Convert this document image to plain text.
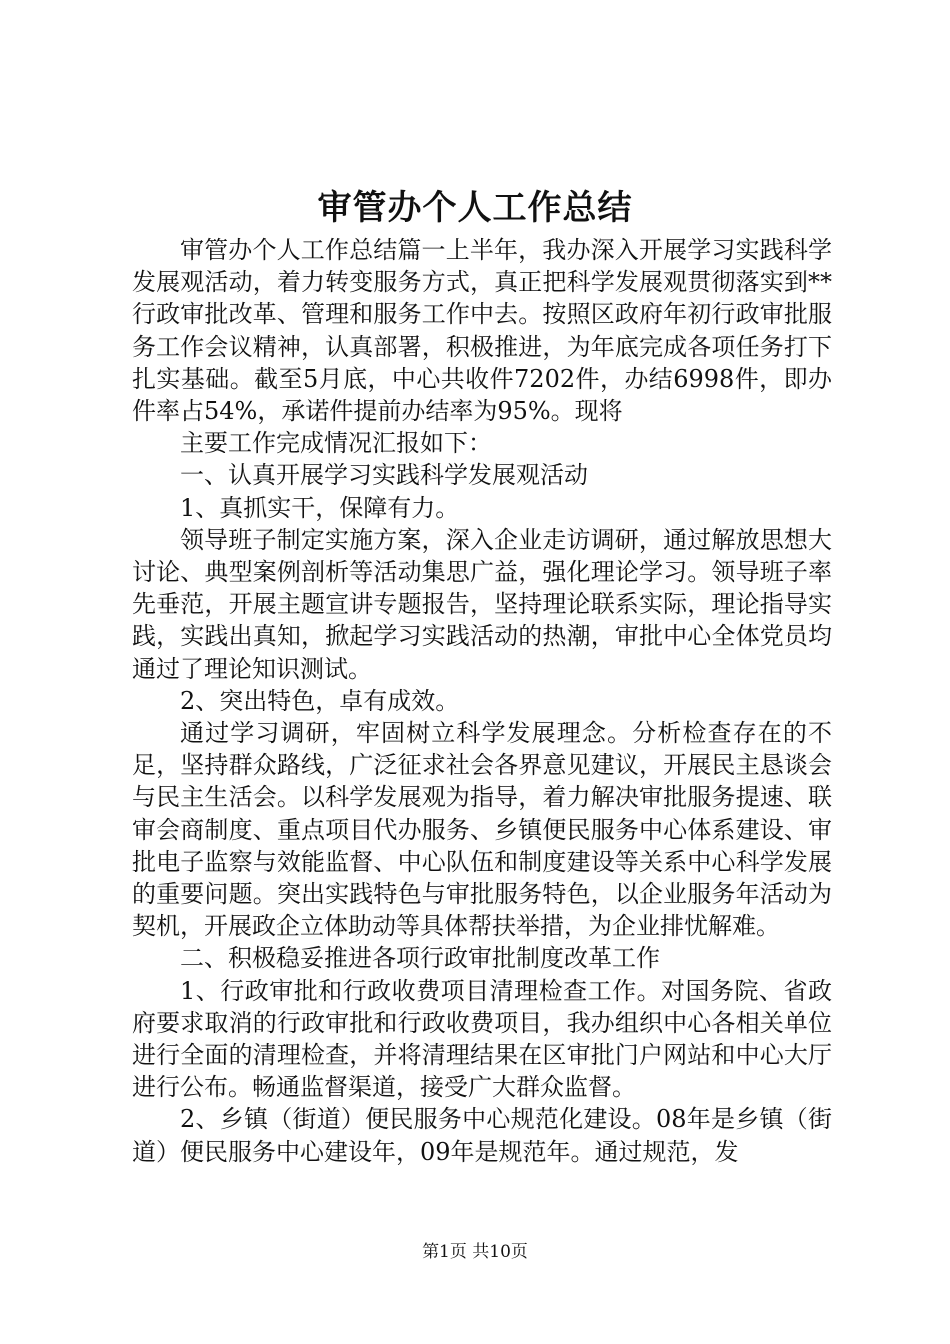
审管办个人工作总结

审管办个人工作总结篇一上半年，我办深入开展学习实践科学发展观活动，着力转变服务方式，真正把科学发展观贯彻落实到**行政审批改革、管理和服务工作中去。按照区政府年初行政审批服务工作会议精神，认真部署，积极推进，为年底完成各项任务打下扎实基础。截至5月底，中心共收件7202件，办结6998件，即办件率占54%，承诺件提前办结率为95%。现将

主要工作完成情况汇报如下：

一、认真开展学习实践科学发展观活动

1、真抓实干，保障有力。

领导班子制定实施方案，深入企业走访调研，通过解放思想大讨论、典型案例剖析等活动集思广益，强化理论学习。领导班子率先垂范，开展主题宣讲专题报告，坚持理论联系实际，理论指导实践，实践出真知，掀起学习实践活动的热潮，审批中心全体党员均通过了理论知识测试。

2、突出特色，卓有成效。

通过学习调研，牢固树立科学发展理念。分析检查存在的不足，坚持群众路线，广泛征求社会各界意见建议，开展民主恳谈会与民主生活会。以科学发展观为指导，着力解决审批服务提速、联审会商制度、重点项目代办服务、乡镇便民服务中心体系建设、审批电子监察与效能监督、中心队伍和制度建设等关系中心科学发展的重要问题。突出实践特色与审批服务特色，以企业服务年活动为契机，开展政企立体助动等具体帮扶举措，为企业排忧解难。

二、积极稳妥推进各项行政审批制度改革工作

1、行政审批和行政收费项目清理检查工作。对国务院、省政府要求取消的行政审批和行政收费项目，我办组织中心各相关单位进行全面的清理检查，并将清理结果在区审批门户网站和中心大厅进行公布。畅通监督渠道，接受广大群众监督。

2、乡镇（街道）便民服务中心规范化建设。08年是乡镇（街道）便民服务中心建设年，09年是规范年。通过规范，发

第1页 共10页
